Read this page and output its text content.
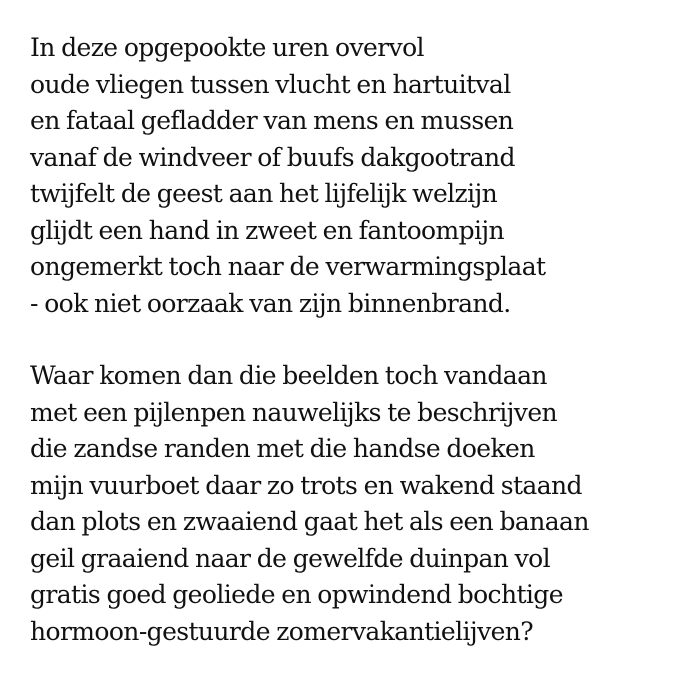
In deze opgepookte uren overvol
oude vliegen tussen vlucht en hartuitval
en fataal gefladder van mens en mussen
vanaf de windveer of buufs dakgootrand
twijfelt de geest aan het lijfelijk welzijn
glijdt een hand in zweet en fantoompijn
ongemerkt toch naar de verwarmingsplaat
- ook niet oorzaak van zijn binnenbrand.
Waar komen dan die beelden toch vandaan
met een pijlenpen nauwelijks te beschrijven
die zandse randen met die handse doeken
mijn vuurboet daar zo trots en wakend staand
dan plots en zwaaiend gaat het als een banaan
geil graaiend naar de gewelfde duinpan vol
gratis goed geoliede en opwindend bochtige
hormoon-gestuurde zomervakantielijven?
